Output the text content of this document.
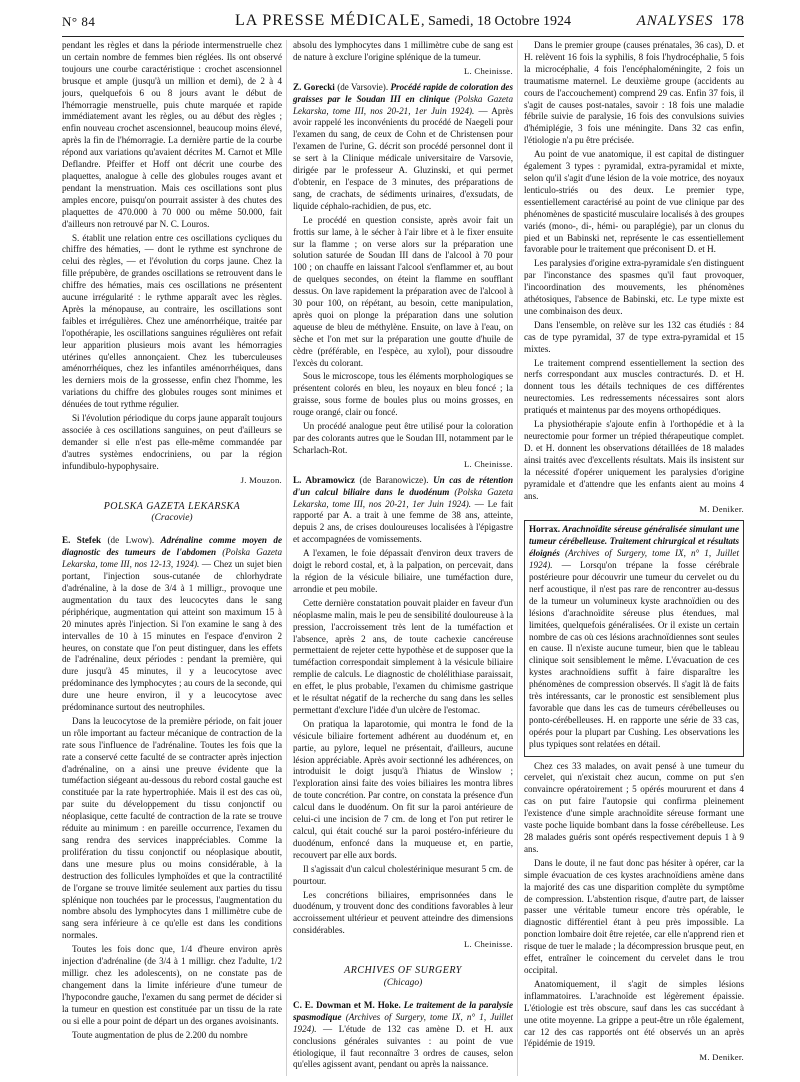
N° 84	LA PRESSE MÉDICALE, Samedi, 18 Octobre 1924	ANALYSES 178

pendant les règles et dans la période intermenstruelle chez un certain nombre de femmes bien réglées. Ils ont observé toujours une courbe caractéristique : crochet ascensionnel brusque et ample (jusqu'à un million et demi), de 2 à 4 jours, quelquefois 6 ou 8 jours avant le début de l'hémorragie menstruelle, puis chute marquée et rapide immédiatement avant les règles, ou au début des règles ; enfin nouveau crochet ascensionnel, beaucoup moins élevé, après la fin de l'hémorragie. La dernière partie de la courbe répond aux variations qu'avaient décrites M. Carnot et Mlle Deflandre. Pfeiffer et Hoff ont décrit une courbe des plaquettes, analogue à celle des globules rouges avant et pendant la menstruation. Mais ces oscillations sont plus amples encore, puisqu'on pourrait assister à des chutes des plaquettes de 470.000 à 70 000 ou même 50.000, fait d'ailleurs non retrouvé par N. C. Louros.

S. établit une relation entre ces oscillations cycliques du chiffre des hématies, — dont le rythme est synchrone de celui des règles, — et l'évolution du corps jaune. Chez la fille prépubère, de grandes oscillations se retrouvent dans le chiffre des hématies, mais ces oscillations ne présentent aucune irrégularité : le rythme apparaît avec les règles. Après la ménopause, au contraire, les oscillations sont faibles et irrégulières. Chez une aménorrhéique, traitée par l'opothérapie, les oscillations sanguines régulières ont refait leur apparition plusieurs mois avant les hémorragies utérines qu'elles annonçaient. Chez les tuberculeuses aménorrhéiques, chez les infantiles aménorrhéiques, dans les derniers mois de la grossesse, enfin chez l'homme, les variations du chiffre des globules rouges sont minimes et dénuées de tout rythme régulier.

Si l'évolution périodique du corps jaune apparaît toujours associée à ces oscillations sanguines, on peut d'ailleurs se demander si elle n'est pas elle-même commandée par d'autres systèmes endocriniens, ou par la région infundibulo-hypophysaire.

J. Mouzon.
POLSKA GAZETA LEKARSKA
(Cracovie)

E. Stefek (de Lwow). Adrénaline comme moyen de diagnostic des tumeurs de l'abdomen (Polska Gazeta Lekarska, tome III, nos 12-13, 1924). — Chez un sujet bien portant, l'injection sous-cutanée de chlorhydrate d'adrénaline, à la dose de 3/4 à 1 milligr., provoque une augmentation du taux des leucocytes dans le sang périphérique, augmentation qui atteint son maximum 15 à 20 minutes après l'injection. Si l'on examine le sang à des intervalles de 10 à 15 minutes en l'espace d'environ 2 heures, on constate que l'on peut distinguer, dans les effets de l'adrénaline, deux périodes : pendant la première, qui dure jusqu'à 45 minutes, il y a leucocytose avec prédominance des lymphocytes ; au cours de la seconde, qui dure une heure environ, il y a leucocytose avec prédominance surtout des neutrophiles.

Dans la leucocytose de la première période, on fait jouer un rôle important au facteur mécanique de contraction de la rate sous l'influence de l'adrénaline. Toutes les fois que la rate a conservé cette faculté de se contracter après injection d'adrénaline, on a ainsi une preuve évidente que la tuméfaction siégeant au-dessous du rebord costal gauche est constituée par la rate hypertrophiée. Mais il est des cas où, par suite du développement du tissu conjonctif ou néoplasique, cette faculté de contraction de la rate se trouve réduite au minimum : en pareille occurrence, l'examen du sang rendra des services inappréciables. Comme la prolifération du tissu conjonctif ou néoplasique aboutit, dans une mesure plus ou moins considérable, à la destruction des follicules lymphoïdes et que la contractilité de l'organe se trouve limitée seulement aux parties du tissu splénique non touchées par le processus, l'augmentation du nombre absolu des lymphocytes dans 1 millimètre cube de sang sera inférieure à ce qu'elle est dans les conditions normales.

Toutes les fois donc que, 1/4 d'heure environ après injection d'adrénaline (de 3/4 à 1 milligr. chez l'adulte, 1/2 milligr. chez les adolescents), on ne constate pas de changement dans la limite inférieure d'une tumeur de l'hypocondre gauche, l'examen du sang permet de décider si la tumeur en question est constituée par un tissu de la rate ou si elle a pour point de départ un des organes avoisinants.

Toute augmentation de plus de 2.200 du nombre

absolu des lymphocytes dans 1 millimètre cube de sang est de nature à exclure l'origine splénique de la tumeur.

L. Cheinisse.

Z. Gorecki (de Varsovie). Procédé rapide de coloration des graisses par le Soudan III en clinique (Polska Gazeta Lekarska, tome III, nos 20-21, 1er Juin 1924). — Après avoir rappelé les inconvénients du procédé de Naegeli pour l'examen du sang, de ceux de Cohn et de Christensen pour l'examen de l'urine, G. décrit son procédé personnel dont il se sert à la Clinique médicale universitaire de Varsovie, dirigée par le professeur A. Gluzinski, et qui permet d'obtenir, en l'espace de 3 minutes, des préparations de sang, de crachats, de sédiments urinaires, d'exsudats, de liquide céphalo-rachidien, de pus, etc.

Le procédé en question consiste, après avoir fait un frottis sur lame, à le sécher à l'air libre et à le fixer ensuite sur la flamme ; on verse alors sur la préparation une solution saturée de Soudan III dans de l'alcool à 70 pour 100 ; on chauffe en laissant l'alcool s'enflammer et, au bout de quelques secondes, on éteint la flamme en soufflant dessus. On lave rapidement la préparation avec de l'alcool à 30 pour 100, on répétant, au besoin, cette manipulation, après quoi on plonge la préparation dans une solution aqueuse de bleu de méthylène. Ensuite, on lave à l'eau, on sèche et l'on met sur la préparation une goutte d'huile de cèdre (préférable, en l'espèce, au xylol), pour dissoudre l'excès du colorant.

Sous le microscope, tous les éléments morphologiques se présentent colorés en bleu, les noyaux en bleu foncé ; la graisse, sous forme de boules plus ou moins grosses, en rouge orangé, clair ou foncé.

Un procédé analogue peut être utilisé pour la coloration par des colorants autres que le Soudan III, notamment par le Scharlach-Rot.

L. Cheinisse.

L. Abramowicz (de Baranowicze). Un cas de rétention d'un calcul biliaire dans le duodénum (Polska Gazeta Lekarska, tome III, nos 20-21, 1er Juin 1924). — Le fait rapporté par A. a trait à une femme de 38 ans, atteinte, depuis 2 ans, de crises douloureuses localisées à l'épigastre et accompagnées de vomissements.

A l'examen, le foie dépassait d'environ deux travers de doigt le rebord costal, et, à la palpation, on percevait, dans la région de la vésicule biliaire, une tuméfaction dure, arrondie et peu mobile.

Cette dernière constatation pouvait plaider en faveur d'un néoplasme malin, mais le peu de sensibilité douloureuse à la pression, l'accroissement très lent de la tuméfaction et l'absence, après 2 ans, de toute cachexie cancéreuse permettaient de rejeter cette hypothèse et de supposer que la tuméfaction correspondait simplement à la vésicule biliaire remplie de calculs. Le diagnostic de cholélithiase paraissait, en effet, le plus probable, l'examen du chimisme gastrique et le résultat négatif de la recherche du sang dans les selles permettant d'exclure l'idée d'un ulcère de l'estomac.

On pratiqua la laparotomie, qui montra le fond de la vésicule biliaire fortement adhérent au duodénum et, en partie, au pylore, lequel ne présentait, d'ailleurs, aucune lésion appréciable. Après avoir sectionné les adhérences, on introduisit le doigt jusqu'à l'hiatus de Winslow ; l'exploration ainsi faite des voies biliaires les montra libres de toute concrétion. Par contre, on constata la présence d'un calcul dans le duodénum. On fit sur la paroi antérieure de celui-ci une incision de 7 cm. de long et l'on put retirer le calcul, qui était couché sur la paroi postéro-inférieure du duodénum, enfoncé dans la muqueuse et, en partie, recouvert par elle aux bords.

Il s'agissait d'un calcul cholestérinique mesurant 5 cm. de pourtour.

Les concrétions biliaires, emprisonnées dans le duodénum, y trouvent donc des conditions favorables à leur accroissement ultérieur et peuvent atteindre des dimensions considérables.

L. Cheinisse.
ARCHIVES OF SURGERY
(Chicago)

C. E. Dowman et M. Hoke. Le traitement de la paralysie spasmodique (Archives of Surgery, tome IX, n° 1, Juillet 1924). — L'étude de 132 cas amène D. et H. aux conclusions générales suivantes : au point de vue étiologique, il faut reconnaître 3 ordres de causes, selon qu'elles agissent avant, pendant ou après la naissance.

Dans le premier groupe (causes prénatales, 36 cas), D. et H. relèvent 16 fois la syphilis, 8 fois l'hydrocéphalie, 5 fois la microcéphalie, 4 fois l'encéphaloméningite, 2 fois un traumatisme maternel. Le deuxième groupe (accidents au cours de l'accouchement) comprend 29 cas. Enfin 37 fois, il s'agit de causes post-natales, savoir : 18 fois une maladie fébrile suivie de paralysie, 16 fois des convulsions suivies d'hémiplégie, 3 fois une méningite. Dans 32 cas enfin, l'étiologie n'a pu être précisée.

Au point de vue anatomique, il est capital de distinguer également 3 types : pyramidal, extra-pyramidal et mixte, selon qu'il s'agit d'une lésion de la voie motrice, des noyaux lenticulo-striés ou des deux. Le premier type, essentiellement caractérisé au point de vue clinique par des phénomènes de spasticité musculaire localisés à des groupes variés (mono-, di-, hémi- ou paraplégie), par un clonus du pied et un Babinski net, représente le cas essentiellement favorable pour le traitement que préconisent D. et H.

Les paralysies d'origine extra-pyramidale s'en distinguent par l'inconstance des spasmes qu'il faut provoquer, l'incoordination des mouvements, les phénomènes athétosiques, l'absence de Babinski, etc. Le type mixte est une combinaison des deux.

Dans l'ensemble, on relève sur les 132 cas étudiés : 84 cas de type pyramidal, 37 de type extra-pyramidal et 15 mixtes.

Le traitement comprend essentiellement la section des nerfs correspondant aux muscles contracturés. D. et H. donnent tous les détails techniques de ces différentes neurectomies. Les redressements nécessaires sont alors pratiqués et maintenus par des moyens orthopédiques.

La physiothérapie s'ajoute enfin à l'orthopédie et à la neurectomie pour former un trépied thérapeutique complet. D. et H. donnent les observations détaillées de 18 malades ainsi traités avec d'excellents résultats. Mais ils insistent sur la nécessité d'opérer uniquement les paralysies d'origine pyramidale et d'attendre que les enfants aient au moins 4 ans.

M. Deniker.

Horrax. Arachnoïdite séreuse généralisée simulant une tumeur cérébelleuse. Traitement chirurgical et résultats éloignés (Archives of Surgery, tome IX, n° 1, Juillet 1924). — Lorsqu'on trépane la fosse cérébrale postérieure pour découvrir une tumeur du cervelet ou du nerf acoustique, il n'est pas rare de rencontrer au-dessus de la tumeur un volumineux kyste arachnoïdien ou des lésions d'arachnoïdite séreuse plus étendues, mal limitées, quelquefois généralisées. Or il existe un certain nombre de cas où ces lésions arachnoïdiennes sont seules en cause. Il n'existe aucune tumeur, bien que le tableau clinique soit sensiblement le même. L'évacuation de ces kystes arachnoïdiens suffit à faire disparaître les phénomènes de compression observés. Il s'agit là de faits très intéressants, car le pronostic est sensiblement plus favorable que dans les cas de tumeurs cérébelleuses ou ponto-cérébelleuses. H. en rapporte une série de 33 cas, opérés pour la plupart par Cushing. Les observations les plus typiques sont relatées en détail.

Chez ces 33 malades, on avait pensé à une tumeur du cervelet, qui n'existait chez aucun, comme on put s'en convaincre opératoirement ; 5 opérés moururent et dans 4 cas on put faire l'autopsie qui confirma pleinement l'existence d'une simple arachnoïdite séreuse formant une vaste poche liquide bombant dans la fosse cérébelleuse. Les 28 malades guéris sont opérés respectivement depuis 1 à 9 ans.

Dans le doute, il ne faut donc pas hésiter à opérer, car la simple évacuation de ces kystes arachnoïdiens amène dans la majorité des cas une disparition complète du symptôme de compression. L'abstention risque, d'autre part, de laisser passer une véritable tumeur encore très opérable, le diagnostic différentiel étant à peu près impossible. La ponction lombaire doit être rejetée, car elle n'apprend rien et risque de tuer le malade ; la décompression brusque peut, en effet, entraîner le coincement du cervelet dans le trou occipital.

Anatomiquement, il s'agit de simples lésions inflammatoires. L'arachnoïde est légèrement épaissie. L'étiologie est très obscure, sauf dans les cas succédant à une otite moyenne. La grippe a peut-être un rôle également, car 12 des cas rapportés ont été observés un an après l'épidémie de 1919.

M. Deniker.
